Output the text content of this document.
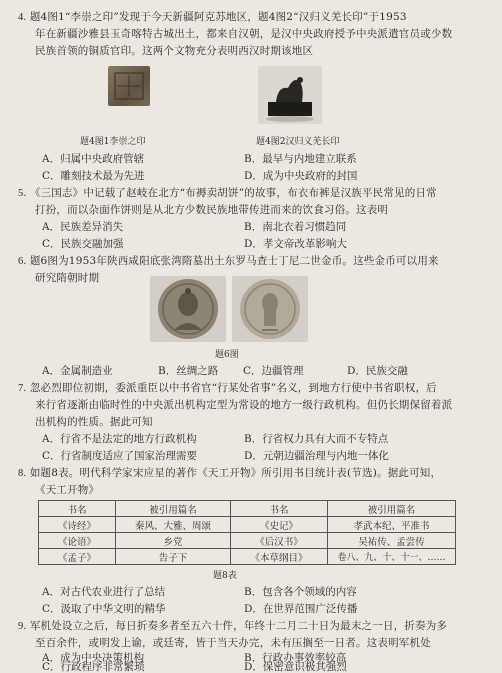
4. 题4图1“李崇之印”发现于今天新疆阿克苏地区，题4图2“汉归义羌长印”于1953
年在新疆沙雅县玉奇喀特古城出土，都来自汉朝，是汉中央政府授予中央派遣官员或少数
民族首领的铜质官印。这两个文物充分表明西汉时期该地区
题4图1李崇之印	题4图2汉归义羌长印
A．归属中央政府管辖	B．最早与内地建立联系
C．雕刻技术最为先进	D．成为中央政府的封国
5. 《三国志》中记载了赵岐在北方“布褥卖胡饼”的故事，布衣布裤是汉族平民常见的日常
打扮，而以杂面作饼则是从北方少数民族地带传进而来的饮食习俗。这表明
A．民族差异消失	B．南北衣着习惯趋同
C．民族交融加强	D．孝文帝改革影响大
6. 题6图为1953年陕西咸阳底张湾隋墓出土东罗马查士丁尼二世金币。这些金币可以用来
研究隋朝时期
题6图
A．金属制造业	B．丝绸之路 C．边疆管理	D．民族交融
7. 忽必烈即位初期，委派重臣以中书省官“行某处省事”名义，到地方行使中书省职权，后
来行省逐渐由临时性的中央派出机构定型为常设的地方一级行政机构。但仍长期保留着派
出机构的性质。据此可知
A．行省不是法定的地方行政机构	B．行省权力具有大而不专特点
C．行省制度适应了国家治理需要	D．元朝边疆治理与内地一体化
8. 如题8表。明代科学家宋应星的著作《天工开物》所引用书目统计表(节选)。据此可知，
《天工开物》
书名	被引用篇名	书名	被引用篇名
《诗经》	秦风、大雅、周颂	《史记》	孝武本纪、平准书
《论语》	乡党	《后汉书》	吴祐传、孟尝传
《孟子》	告子下	《本草纲目》	卷八、九、十、十一、……
题8表
A．对古代农业进行了总结	B．包含各个领域的内容
C．汲取了中华文明的精华	D．在世界范围广泛传播
9. 军机处设立之后，每日折奏多者至五六十件，年终十二月二十日为最末之一日，折奏为多
至百余件，或明发上谕，或廷寄，皆于当天办完，未有压搁至一日者。这表明军机处
A．成为中央决策机构	B．行政办事效率较高
C．行政程序非常繁琐	D．保密意识极其强烈
